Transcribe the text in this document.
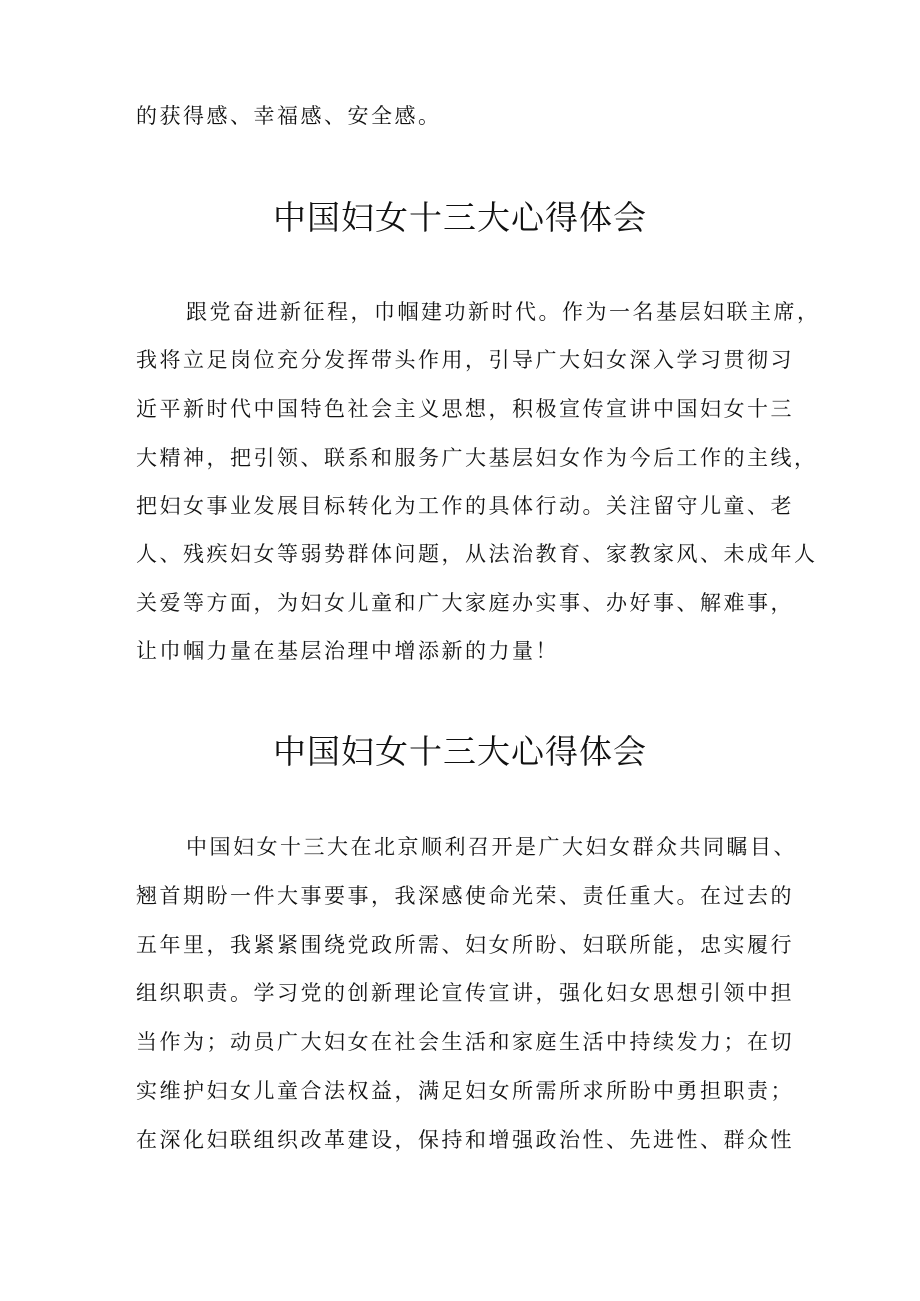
的获得感、幸福感、安全感。
中国妇女十三大心得体会
跟党奋进新征程，巾帼建功新时代。作为一名基层妇联主席，
我将立足岗位充分发挥带头作用，引导广大妇女深入学习贯彻习
近平新时代中国特色社会主义思想，积极宣传宣讲中国妇女十三
大精神，把引领、联系和服务广大基层妇女作为今后工作的主线，
把妇女事业发展目标转化为工作的具体行动。关注留守儿童、老
人、残疾妇女等弱势群体问题，从法治教育、家教家风、未成年人
关爱等方面，为妇女儿童和广大家庭办实事、办好事、解难事，
让巾帼力量在基层治理中增添新的力量！
中国妇女十三大心得体会
中国妇女十三大在北京顺利召开是广大妇女群众共同瞩目、
翘首期盼一件大事要事，我深感使命光荣、责任重大。在过去的
五年里，我紧紧围绕党政所需、妇女所盼、妇联所能，忠实履行
组织职责。学习党的创新理论宣传宣讲，强化妇女思想引领中担
当作为；动员广大妇女在社会生活和家庭生活中持续发力；在切
实维护妇女儿童合法权益，满足妇女所需所求所盼中勇担职责；
在深化妇联组织改革建设，保持和增强政治性、先进性、群众性
